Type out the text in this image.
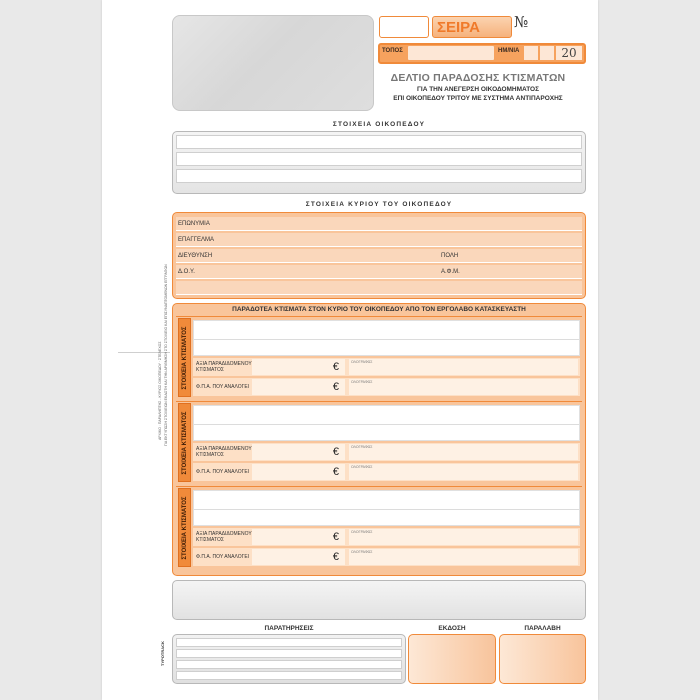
ΣΕΙΡΑ №
ΤΟΠΟΣ	ΗΜ/ΝΙΑ	20
ΔΕΛΤΙΟ ΠΑΡΑΔΟΣΗΣ ΚΤΙΣΜΑΤΩΝ
ΓΙΑ ΤΗΝ ΑΝΕΓΕΡΣΗ ΟΙΚΟΔΟΜΗΜΑΤΟΣ
ΕΠΙ ΟΙΚΟΠΕΔΟΥ ΤΡΙΤΟΥ ΜΕ ΣΥΣΤΗΜΑ ΑΝΤΙΠΑΡΟΧΗΣ
ΣΤΟΙΧΕΙΑ ΟΙΚΟΠΕΔΟΥ
ΣΤΟΙΧΕΙΑ ΚΥΡΙΟΥ ΤΟΥ ΟΙΚΟΠΕΔΟΥ
ΕΠΩΝΥΜΙΑ
ΕΠΑΓΓΕΛΜΑ
ΔΙΕΥΘΥΝΣΗ	ΠΟΛΗ
Δ.Ο.Υ.	Α.Φ.Μ.
ΣΤΟΙΧΕΙΑ ΚΤΙΣΜΑΤΟΣ ΑΞΙΑ ΠΑΡΑΔΙΔΟΜΕΝΟΥ
ΚΤΙΣΜΑΤΟΣ	€	ΟΛΟΓΡΑΦΩΣ
Φ.Π.Α. ΠΟΥ ΑΝΑΛΟΓΕΙ	€	ΟΛΟΓΡΑΦΩΣ
ΣΤΟΙΧΕΙΑ ΚΤΙΣΜΑΤΟΣ ΑΞΙΑ ΠΑΡΑΔΙΔΟΜΕΝΟΥ
ΚΤΙΣΜΑΤΟΣ	€	ΟΛΟΓΡΑΦΩΣ
Φ.Π.Α. ΠΟΥ ΑΝΑΛΟΓΕΙ	€	ΟΛΟΓΡΑΦΩΣ
ΣΤΟΙΧΕΙΑ ΚΤΙΣΜΑΤΟΣ ΑΞΙΑ ΠΑΡΑΔΙΔΟΜΕΝΟΥ
ΚΤΙΣΜΑΤΟΣ	€	ΟΛΟΓΡΑΦΩΣ
Φ.Π.Α. ΠΟΥ ΑΝΑΛΟΓΕΙ	€	ΟΛΟΓΡΑΦΩΣ
ΠΑΡΑΔΟΤΕΑ ΚΤΙΣΜΑΤΑ ΣΤΟΝ ΚΥΡΙΟ ΤΟΥ ΟΙΚΟΠΕΔΟΥ ΑΠΟ ΤΟΝ ΕΡΓΟΛΑΒΟ ΚΑΤΑΣΚΕΥΑΣΤΗ
ΠΑΡΑΤΗΡΗΣΕΙΣ	ΕΚΔΟΣΗ	ΠΑΡΑΛΑΒΗ
ΑΡΧΙΚΟ : ΠΑΡΑΛΗΠΤΗΣ - ΚΥΡΙΟΣ ΟΙΚΟΠΕΔΟΥ · ΣΤΕΛΕΧΟΣ ΓΙΑ ΕΚΤΥΠΩΣΗ ΣΤΟΙΧΕΙΩΝ ΕΚΔΟΤΗ ΚΑΙ ΤΗΝ ΑΡΙΘΜΗΣΗ ΣΤΟ ΣΤΟΙΧΕΙΟ ΚΑΙ ΕΠΙΣΥΝΑΠΤΟΜΕΝΩΝ ΕΓΓΡΑΦΩΝ
TYPOTRACK
